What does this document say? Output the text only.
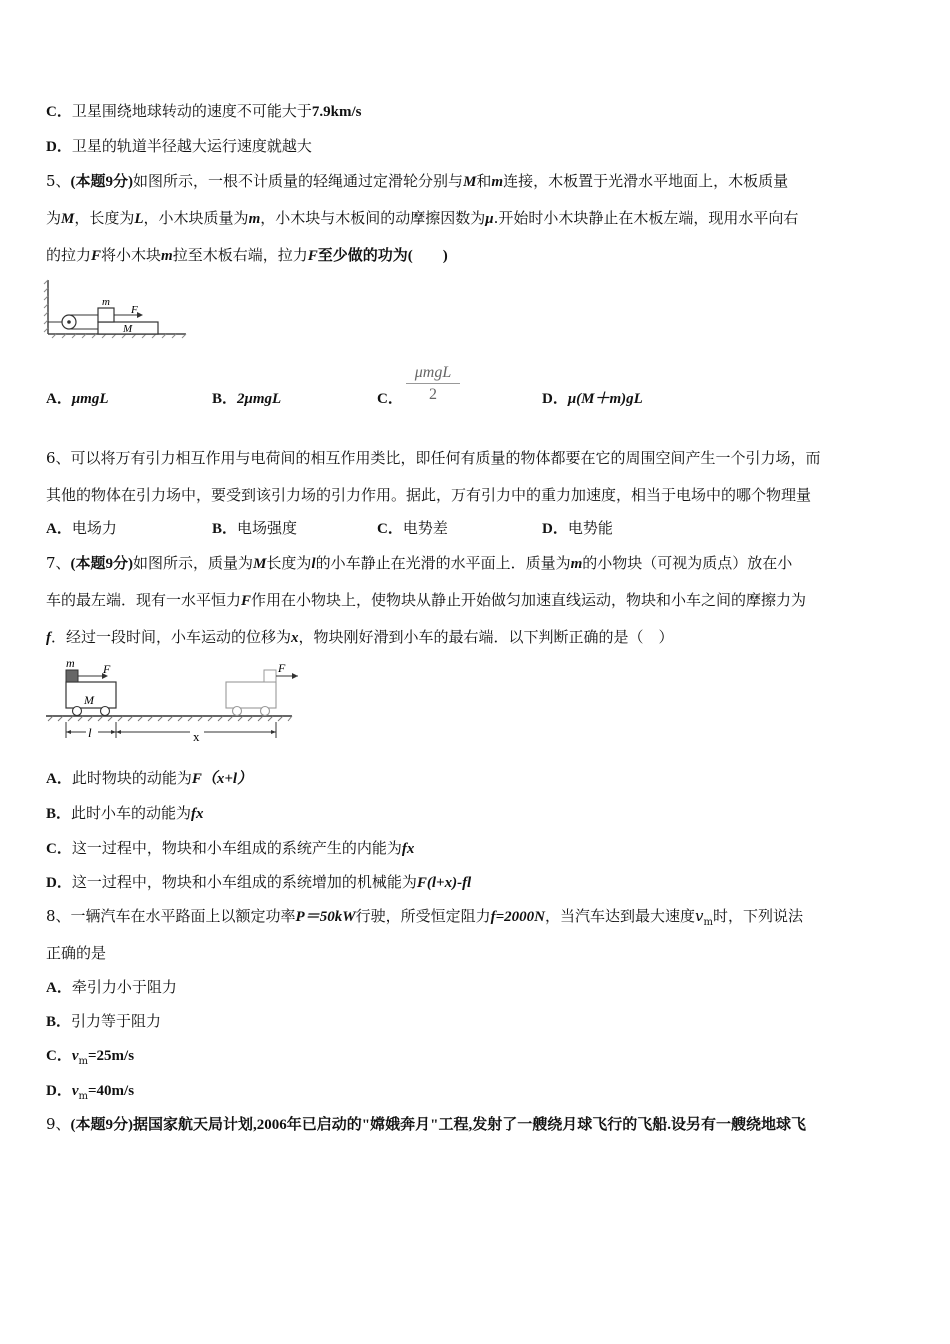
C．卫星围绕地球转动的速度不可能大于7.9km/s
D．卫星的轨道半径越大运行速度就越大
5、(本题9分)如图所示，一根不计质量的轻绳通过定滑轮分别与M和m连接，木板置于光滑水平地面上，木板质量
为M，长度为L，小木块质量为m，小木块与木板间的动摩擦因数为μ.开始时小木块静止在木板左端，现用水平向右
的拉力F将小木块m拉至木板右端，拉力F至少做的功为(　　)
m
F
M
A．μmgL	B．2μmgL	C．
μmgL
2	D．μ(M＋m)gL
6、可以将万有引力相互作用与电荷间的相互作用类比，即任何有质量的物体都要在它的周围空间产生一个引力场，而
其他的物体在引力场中，要受到该引力场的引力作用。据此，万有引力中的重力加速度，相当于电场中的哪个物理量
A．电场力	B．电场强度	C．电势差	D．电势能
7、(本题9分)如图所示，质量为M长度为l的小车静止在光滑的水平面上．质量为m的小物块（可视为质点）放在小
车的最左端．现有一水平恒力F作用在小物块上，使物块从静止开始做匀加速直线运动，物块和小车之间的摩擦力为
f．经过一段时间，小车运动的位移为x，物块刚好滑到小车的最右端．以下判断正确的是（　）
m F
M
F
l	x
A．此时物块的动能为F（x+l）
B．此时小车的动能为fx
C．这一过程中，物块和小车组成的系统产生的内能为fx
D．这一过程中，物块和小车组成的系统增加的机械能为F(l+x)-fl
8、一辆汽车在水平路面上以额定功率P＝50kW行驶，所受恒定阻力f=2000N，当汽车达到最大速度$v_m$时，下列说法
正确的是
A．牵引力小于阻力
B．引力等于阻力
C．$v_m=25m/s$
D．$v_m=40m/s$
9、(本题9分)据国家航天局计划,2006年已启动的"嫦娥奔月"工程,发射了一艘绕月球飞行的飞船.设另有一艘绕地球飞
